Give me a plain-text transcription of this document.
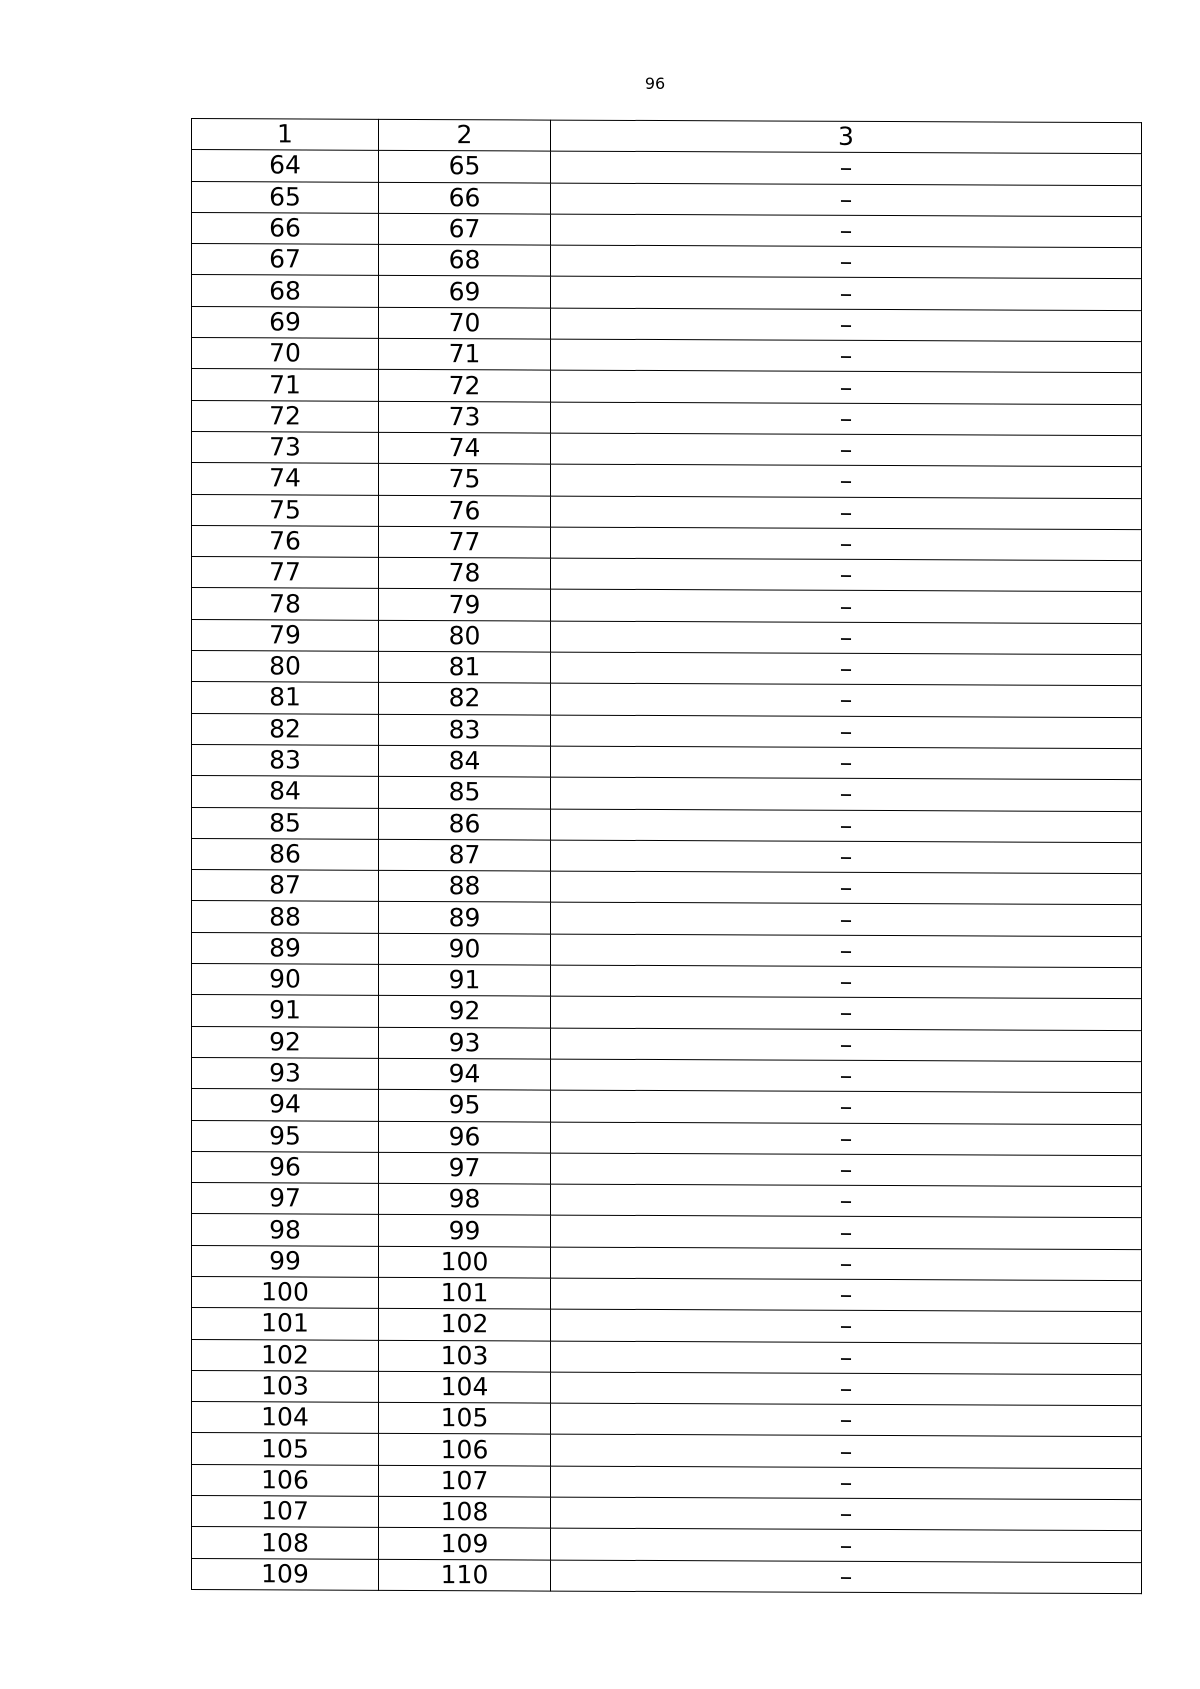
96
1	2	3
64	65	–
65	66	–
66	67	–
67	68	–
68	69	–
69	70	–
70	71	–
71	72	–
72	73	–
73	74	–
74	75	–
75	76	–
76	77	–
77	78	–
78	79	–
79	80	–
80	81	–
81	82	–
82	83	–
83	84	–
84	85	–
85	86	–
86	87	–
87	88	–
88	89	–
89	90	–
90	91	–
91	92	–
92	93	–
93	94	–
94	95	–
95	96	–
96	97	–
97	98	–
98	99	–
99	100	–
100	101	–
101	102	–
102	103	–
103	104	–
104	105	–
105	106	–
106	107	–
107	108	–
108	109	–
109	110	–
